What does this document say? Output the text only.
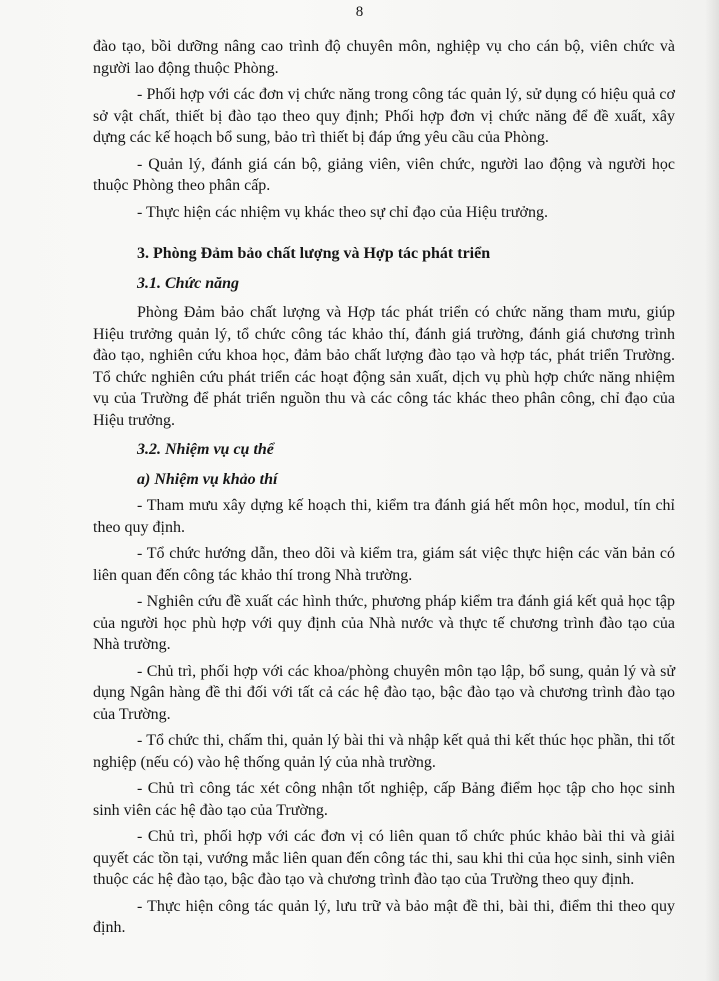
8

đào tạo, bồi dưỡng nâng cao trình độ chuyên môn, nghiệp vụ cho cán bộ, viên chức và người lao động thuộc Phòng.

- Phối hợp với các đơn vị chức năng trong công tác quản lý, sử dụng có hiệu quả cơ sở vật chất, thiết bị đào tạo theo quy định; Phối hợp đơn vị chức năng để đề xuất, xây dựng các kế hoạch bổ sung, bảo trì thiết bị đáp ứng yêu cầu của Phòng.

- Quản lý, đánh giá cán bộ, giảng viên, viên chức, người lao động và người học thuộc Phòng theo phân cấp.

- Thực hiện các nhiệm vụ khác theo sự chỉ đạo của Hiệu trưởng.

3. Phòng Đảm bảo chất lượng và Hợp tác phát triển

3.1. Chức năng

Phòng Đảm bảo chất lượng và Hợp tác phát triển có chức năng tham mưu, giúp Hiệu trưởng quản lý, tổ chức công tác khảo thí, đánh giá trường, đánh giá chương trình đào tạo, nghiên cứu khoa học, đảm bảo chất lượng đào tạo và hợp tác, phát triển Trường. Tổ chức nghiên cứu phát triển các hoạt động sản xuất, dịch vụ phù hợp chức năng nhiệm vụ của Trường để phát triển nguồn thu và các công tác khác theo phân công, chỉ đạo của Hiệu trưởng.

3.2. Nhiệm vụ cụ thể

a) Nhiệm vụ khảo thí

- Tham mưu xây dựng kế hoạch thi, kiểm tra đánh giá hết môn học, modul, tín chỉ theo quy định.

- Tổ chức hướng dẫn, theo dõi và kiểm tra, giám sát việc thực hiện các văn bản có liên quan đến công tác khảo thí trong Nhà trường.

- Nghiên cứu đề xuất các hình thức, phương pháp kiểm tra đánh giá kết quả học tập của người học phù hợp với quy định của Nhà nước và thực tế chương trình đào tạo của Nhà trường.

- Chủ trì, phối hợp với các khoa/phòng chuyên môn tạo lập, bổ sung, quản lý và sử dụng Ngân hàng đề thi đối với tất cả các hệ đào tạo, bậc đào tạo và chương trình đào tạo của Trường.

- Tổ chức thi, chấm thi, quản lý bài thi và nhập kết quả thi kết thúc học phần, thi tốt nghiệp (nếu có) vào hệ thống quản lý của nhà trường.

- Chủ trì công tác xét công nhận tốt nghiệp, cấp Bảng điểm học tập cho học sinh sinh viên các hệ đào tạo của Trường.

- Chủ trì, phối hợp với các đơn vị có liên quan tổ chức phúc khảo bài thi và giải quyết các tồn tại, vướng mắc liên quan đến công tác thi, sau khi thi của học sinh, sinh viên thuộc các hệ đào tạo, bậc đào tạo và chương trình đào tạo của Trường theo quy định.

- Thực hiện công tác quản lý, lưu trữ và bảo mật đề thi, bài thi, điểm thi theo quy định.
